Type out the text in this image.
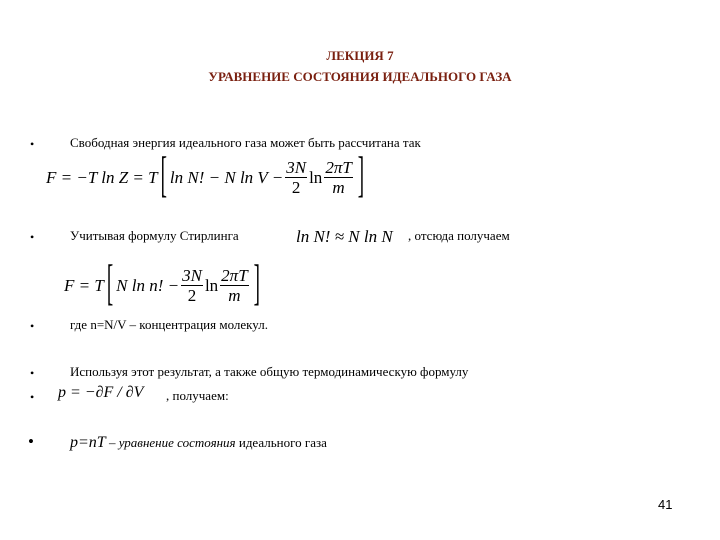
ЛЕКЦИЯ 7
УРАВНЕНИЕ СОСТОЯНИЯ ИДЕАЛЬНОГО ГАЗА
•	Свободная энергия идеального газа может быть рассчитана так
F = −T ln Z = T [ ln N! − N $\ln V - \frac{3N}{2}$ $\ln \frac{2\pi T}{m}$ ]
•	Учитывая формулу Стирлинга	ln N! ≈ N ln N , отсюда получаем
F = T [ N ln n! − $\frac{3N}{2}$ $\ln \frac{2\pi T}{m}$ ]
•	где n=N/V – концентрация молекул.
•	Используя этот результат, а также общую термодинамическую формулу
• p = −∂F / ∂V , получаем:
• p=nT – уравнение состояния идеального газа
41
